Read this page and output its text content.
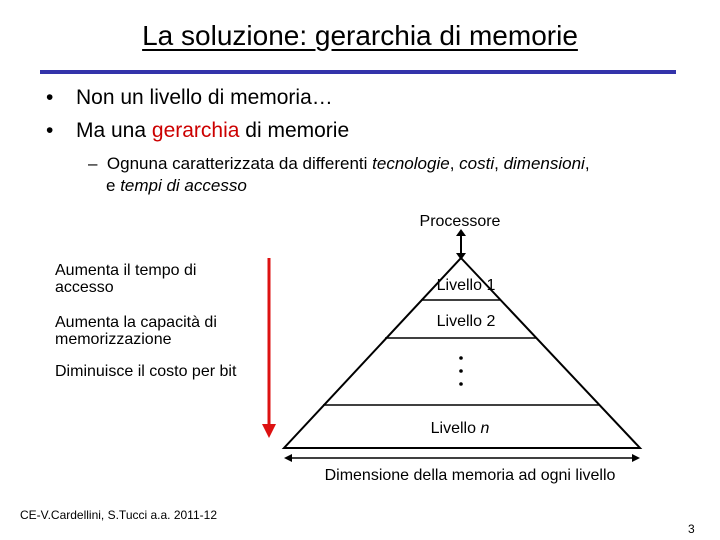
La soluzione: gerarchia di memorie
• Non un livello di memoria…
• Ma una gerarchia di memorie
– Ognuna caratterizzata da differenti tecnologie, costi, dimensioni,
e tempi di accesso
Aumenta il tempo di
accesso
Aumenta la capacità di
memorizzazione
Diminuisce il costo per bit
Processore
Livello 1
Livello 2
Livello n
Dimensione della memoria ad ogni livello
CE-V.Cardellini, S.Tucci a.a. 2011-12
3
